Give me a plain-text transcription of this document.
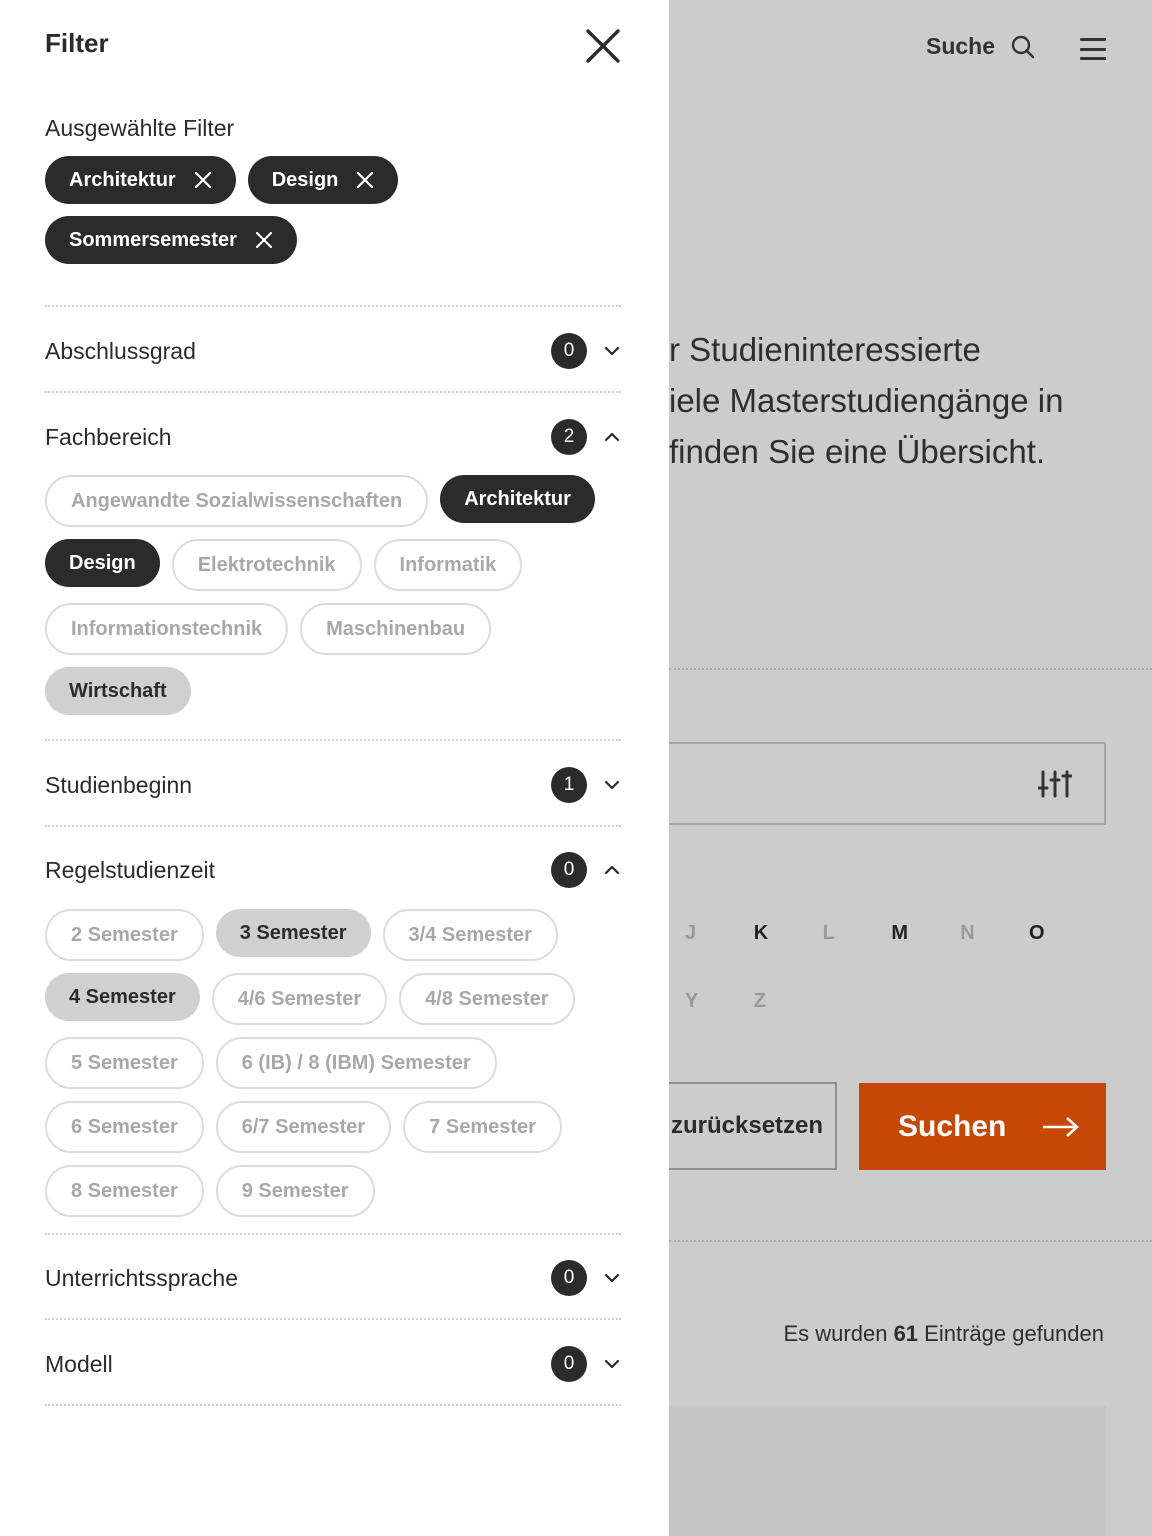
Suche
r Studieninteressierte
iele Masterstudiengänge in
finden Sie eine Übersicht.
J	K	L	M	N	O
Y	Z
zurücksetzen Suchen
Es wurden 61 Einträge gefunden
Filter
Ausgewählte Filter
Architektur	Design
Sommersemester
Abschlussgrad	0
Fachbereich	2
Angewandte Sozialwissenschaften	Architektur
Design	Elektrotechnik	Informatik
Informationstechnik	Maschinenbau
Wirtschaft
Studienbeginn	1
Regelstudienzeit	0
2 Semester	3 Semester	3/4 Semester
4 Semester	4/6 Semester	4/8 Semester
5 Semester	6 (IB) / 8 (IBM) Semester
6 Semester	6/7 Semester	7 Semester
8 Semester	9 Semester
Unterrichtssprache	0
Modell	0
